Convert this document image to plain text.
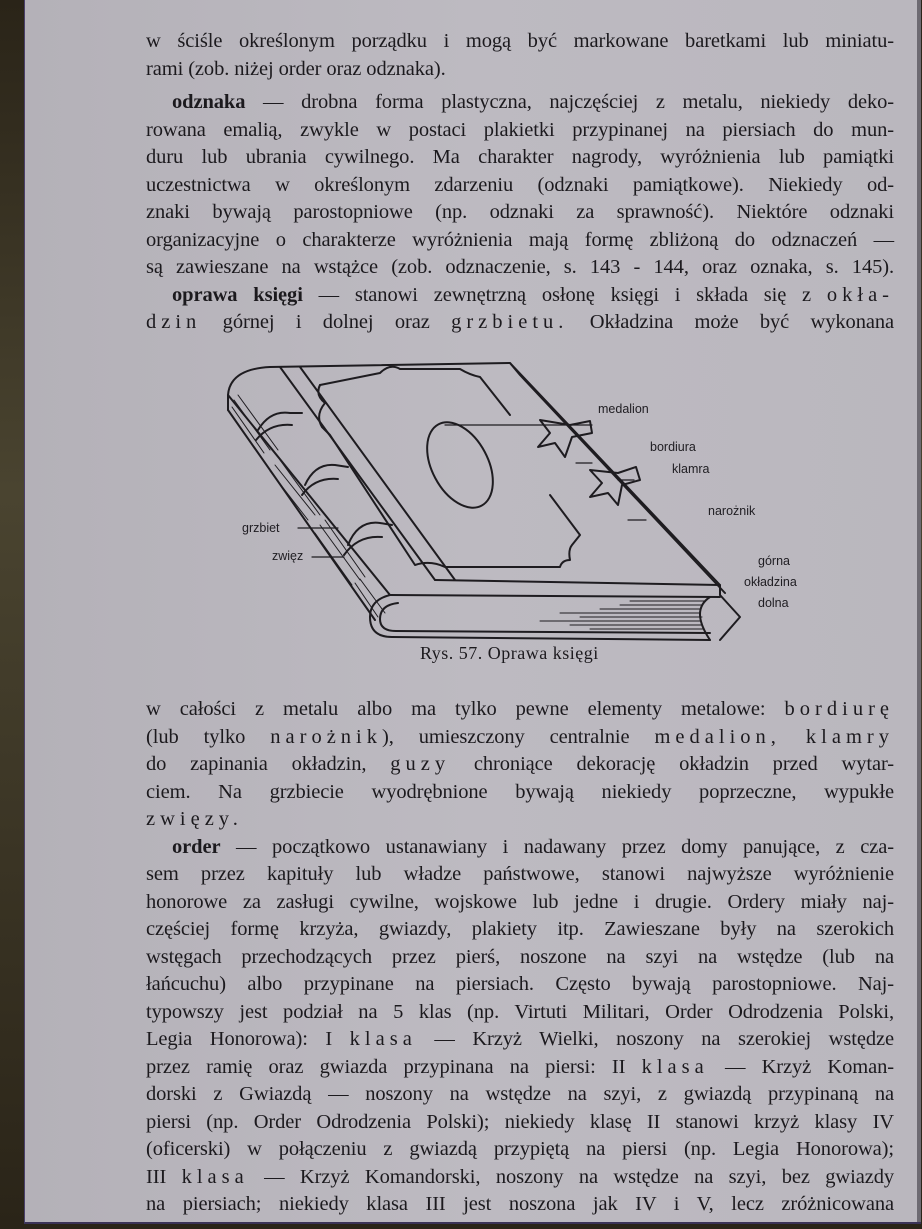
w ściśle określonym porządku i mogą być markowane baretkami lub miniatu-
rami (zob. niżej order oraz odznaka).
odznaka — drobna forma plastyczna, najczęściej z metalu, niekiedy deko-
rowana emalią, zwykle w postaci plakietki przypinanej na piersiach do mun-
duru lub ubrania cywilnego. Ma charakter nagrody, wyróżnienia lub pamiątki
uczestnictwa w określonym zdarzeniu (odznaki pamiątkowe). Niekiedy od-
znaki bywają parostopniowe (np. odznaki za sprawność). Niektóre odznaki
organizacyjne o charakterze wyróżnienia mają formę zbliżoną do odznaczeń —
są zawieszane na wstążce (zob. odznaczenie, s. 143 - 144, oraz oznaka, s. 145).
oprawa księgi — stanowi zewnętrzną osłonę księgi i składa się z okła-
dzin górnej i dolnej oraz grzbietu. Okładzina może być wykonana
medalion
bordiura
klamra
narożnik
grzbiet
zwięz	górna
okładzina
dolna
Rys. 57. Oprawa księgi
w całości z metalu albo ma tylko pewne elementy metalowe: bordiurę
(lub tylko narożnik), umieszczony centralnie medalion, klamry
do zapinania okładzin, guzy chroniące dekorację okładzin przed wytar-
ciem. Na grzbiecie wyodrębnione bywają niekiedy poprzeczne, wypukłe
zwięzy.
order — początkowo ustanawiany i nadawany przez domy panujące, z cza-
sem przez kapituły lub władze państwowe, stanowi najwyższe wyróżnienie
honorowe za zasługi cywilne, wojskowe lub jedne i drugie. Ordery miały naj-
częściej formę krzyża, gwiazdy, plakiety itp. Zawieszane były na szerokich
wstęgach przechodzących przez pierś, noszone na szyi na wstędze (lub na
łańcuchu) albo przypinane na piersiach. Często bywają parostopniowe. Naj-
typowszy jest podział na 5 klas (np. Virtuti Militari, Order Odrodzenia Polski,
Legia Honorowa): I klasa — Krzyż Wielki, noszony na szerokiej wstędze
przez ramię oraz gwiazda przypinana na piersi: II klasa — Krzyż Koman-
dorski z Gwiazdą — noszony na wstędze na szyi, z gwiazdą przypinaną na
piersi (np. Order Odrodzenia Polski); niekiedy klasę II stanowi krzyż klasy IV
(oficerski) w połączeniu z gwiazdą przypiętą na piersi (np. Legia Honorowa);
III klasa — Krzyż Komandorski, noszony na wstędze na szyi, bez gwiazdy
na piersiach; niekiedy klasa III jest noszona jak IV i V, lecz zróżnicowana
